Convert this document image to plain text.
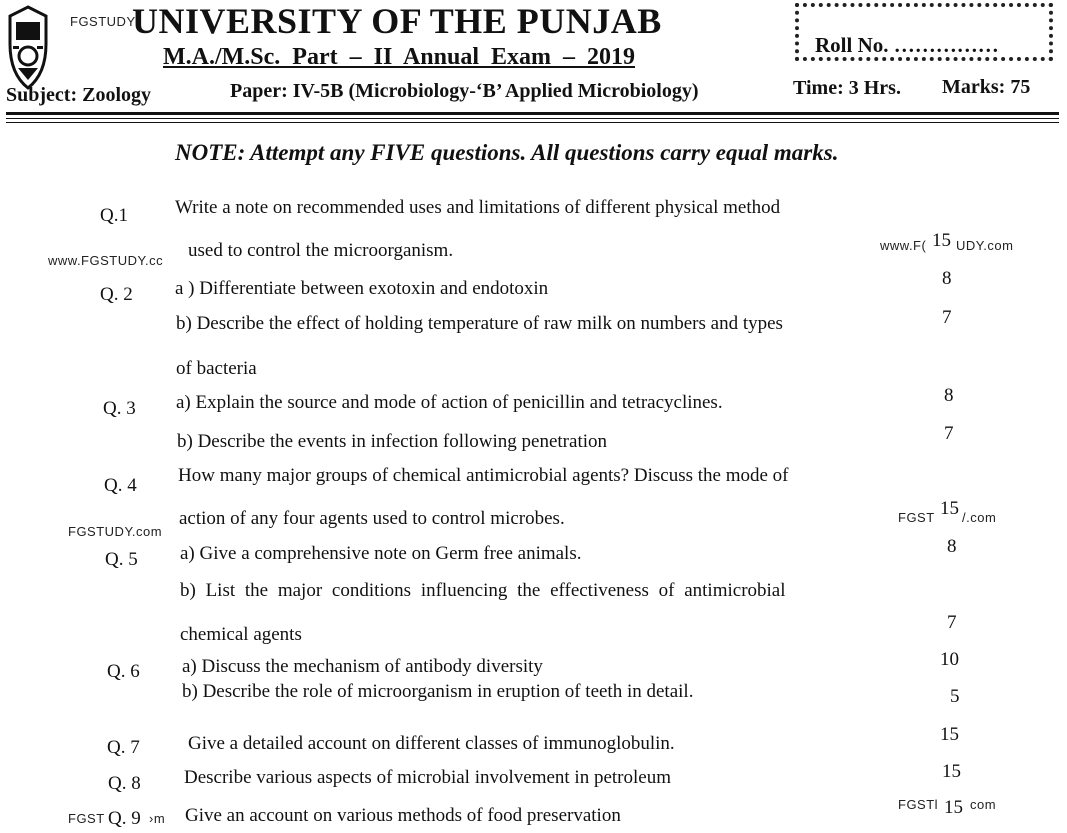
FGSTUDY
UNIVERSITY OF THE PUNJAB
M.A./M.Sc. Part – II Annual Exam – 2019	Roll No. ……………
Subject: Zoology	Paper: IV-5B (Microbiology-‘B’ Applied Microbiology)	Time: 3 Hrs. Marks: 75
NOTE: Attempt any FIVE questions. All questions carry equal marks.
www.FGSTUDY.cc
www.F( UDY.com
FGSTUDY.com
FGST /.com
FGST	›m
FGSTl com
Q.1 Write a note on recommended uses and limitations of different physical method
used to control the microorganism.	15
Q. 2 a ) Differentiate between exotoxin and endotoxin	8
b) Describe the effect of holding temperature of raw milk on numbers and types	7
of bacteria
Q. 3 a) Explain the source and mode of action of penicillin and tetracyclines.	8
b) Describe the events in infection following penetration	7
Q. 4 How many major groups of chemical antimicrobial agents? Discuss the mode of
action of any four agents used to control microbes.	15
Q. 5 a) Give a comprehensive note on Germ free animals.	8
b) List the major conditions influencing the effectiveness of antimicrobial
chemical agents
7
Q. 6 a) Discuss the mechanism of antibody diversity	10
b) Describe the role of microorganism in eruption of teeth in detail.	5
Q. 7	Give a detailed account on different classes of immunoglobulin.	15
Q. 8 Describe various aspects of microbial involvement in petroleum	15
Q. 9 Give an account on various methods of food preservation	15
